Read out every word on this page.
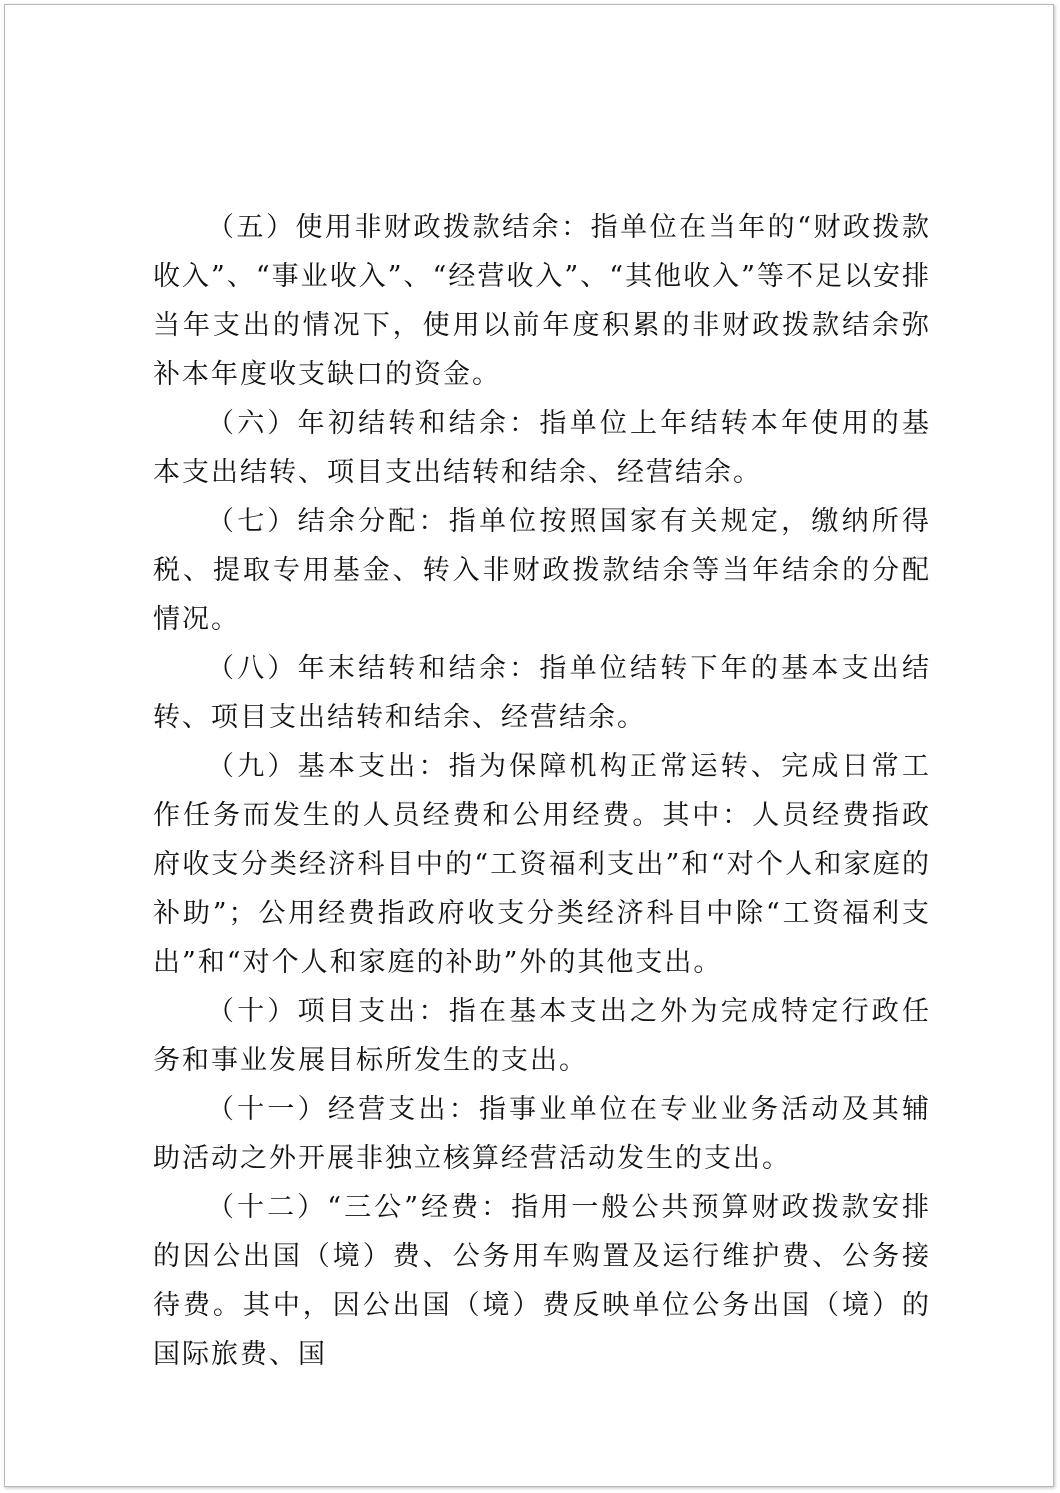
（五）使用非财政拨款结余：指单位在当年的“财政拨款收入”、“事业收入”、“经营收入”、“其他收入”等不足以安排当年支出的情况下，使用以前年度积累的非财政拨款结余弥补本年度收支缺口的资金。

（六）年初结转和结余：指单位上年结转本年使用的基本支出结转、项目支出结转和结余、经营结余。

（七）结余分配：指单位按照国家有关规定，缴纳所得税、提取专用基金、转入非财政拨款结余等当年结余的分配情况。

（八）年末结转和结余：指单位结转下年的基本支出结转、项目支出结转和结余、经营结余。

（九）基本支出：指为保障机构正常运转、完成日常工作任务而发生的人员经费和公用经费。其中：人员经费指政府收支分类经济科目中的“工资福利支出”和“对个人和家庭的补助”；公用经费指政府收支分类经济科目中除“工资福利支出”和“对个人和家庭的补助”外的其他支出。

（十）项目支出：指在基本支出之外为完成特定行政任务和事业发展目标所发生的支出。

（十一）经营支出：指事业单位在专业业务活动及其辅助活动之外开展非独立核算经营活动发生的支出。

（十二）“三公”经费：指用一般公共预算财政拨款安排的因公出国（境）费、公务用车购置及运行维护费、公务接待费。其中，因公出国（境）费反映单位公务出国（境）的国际旅费、国
